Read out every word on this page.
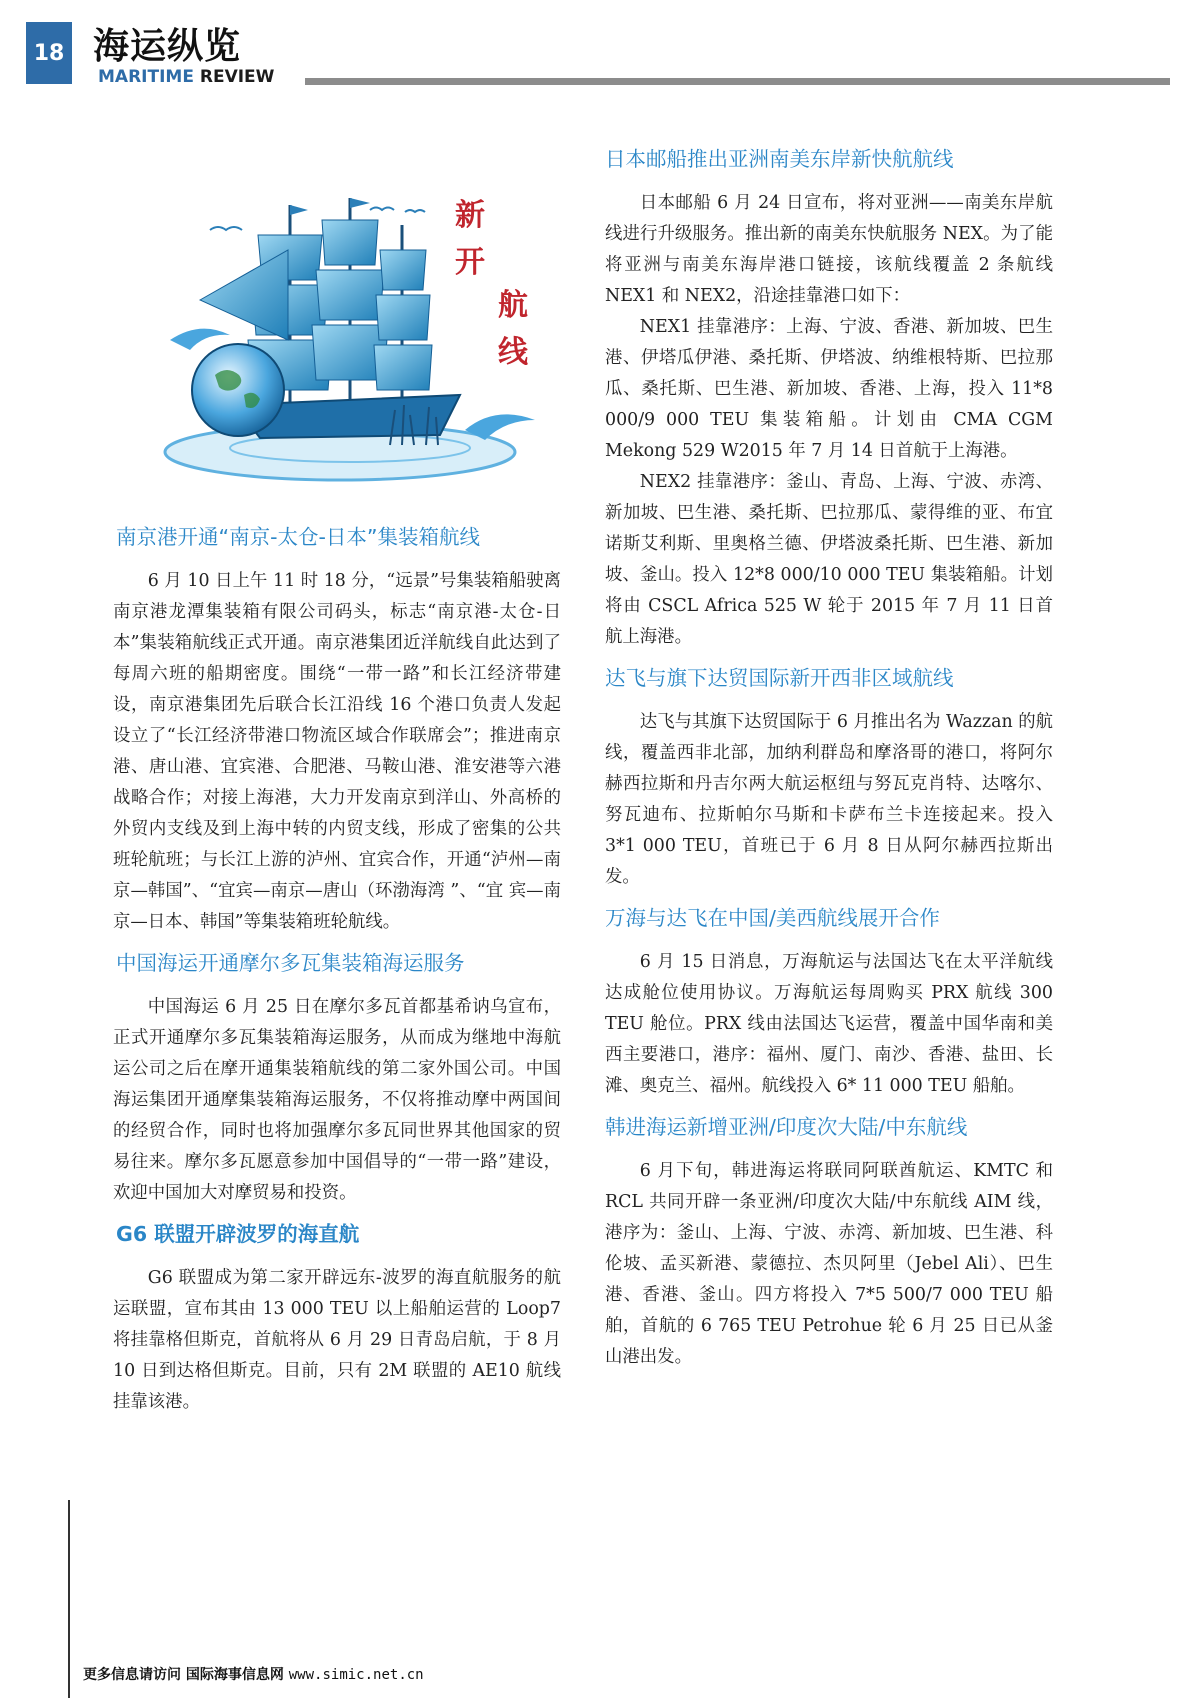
18 海运纵览
MARITIME REVIEW
新
开
航
线
南京港开通“南京-太仓-日本”集装箱航线

6 月 10 日上午 11 时 18 分，“远景”号集装箱船驶离南京港龙潭集装箱有限公司码头，标志“南京港-太仓-日本”集装箱航线正式开通。南京港集团近洋航线自此达到了每周六班的船期密度。围绕“一带一路”和长江经济带建设，南京港集团先后联合长江沿线 16 个港口负责人发起设立了“长江经济带港口物流区域合作联席会”；推进南京港、唐山港、宜宾港、合肥港、马鞍山港、淮安港等六港战略合作；对接上海港，大力开发南京到洋山、外高桥的外贸内支线及到上海中转的内贸支线，形成了密集的公共班轮航班；与长江上游的泸州、宜宾合作，开通“泸州—南京—韩国”、“宜宾—南京—唐山（环渤海湾 ”、“宜 宾—南京—日本、韩国”等集装箱班轮航线。

中国海运开通摩尔多瓦集装箱海运服务

中国海运 6 月 25 日在摩尔多瓦首都基希讷乌宣布，正式开通摩尔多瓦集装箱海运服务，从而成为继地中海航运公司之后在摩开通集装箱航线的第二家外国公司。中国海运集团开通摩集装箱海运服务，不仅将推动摩中两国间的经贸合作，同时也将加强摩尔多瓦同世界其他国家的贸易往来。摩尔多瓦愿意参加中国倡导的“一带一路”建设，欢迎中国加大对摩贸易和投资。

G6 联盟开辟波罗的海直航

G6 联盟成为第二家开辟远东-波罗的海直航服务的航运联盟，宣布其由 13 000 TEU 以上船舶运营的 Loop7 将挂靠格但斯克，首航将从 6 月 29 日青岛启航，于 8 月 10 日到达格但斯克。目前，只有 2M 联盟的 AE10 航线挂靠该港。

日本邮船推出亚洲南美东岸新快航航线

日本邮船 6 月 24 日宣布，将对亚洲——南美东岸航线进行升级服务。推出新的南美东快航服务 NEX。为了能将亚洲与南美东海岸港口链接，该航线覆盖 2 条航线 NEX1 和 NEX2，沿途挂靠港口如下：

NEX1 挂靠港序：上海、宁波、香港、新加坡、巴生港、伊塔瓜伊港、桑托斯、伊塔波、纳维根特斯、巴拉那瓜、桑托斯、巴生港、新加坡、香港、上海，投入 11*8 000/9 000 TEU 集装箱船。计划由 CMA CGM Mekong 529 W2015 年 7 月 14 日首航于上海港。

NEX2 挂靠港序：釜山、青岛、上海、宁波、赤湾、新加坡、巴生港、桑托斯、巴拉那瓜、蒙得维的亚、布宜诺斯艾利斯、里奥格兰德、伊塔波桑托斯、巴生港、新加坡、釜山。投入 12*8 000/10 000 TEU 集装箱船。计划将由 CSCL Africa 525 W 轮于 2015 年 7 月 11 日首航上海港。

达飞与旗下达贸国际新开西非区域航线

达飞与其旗下达贸国际于 6 月推出名为 Wazzan 的航线，覆盖西非北部，加纳利群岛和摩洛哥的港口，将阿尔赫西拉斯和丹吉尔两大航运枢纽与努瓦克肖特、达喀尔、努瓦迪布、拉斯帕尔马斯和卡萨布兰卡连接起来。投入 3*1 000 TEU，首班已于 6 月 8 日从阿尔赫西拉斯出发。

万海与达飞在中国/美西航线展开合作

6 月 15 日消息，万海航运与法国达飞在太平洋航线达成舱位使用协议。万海航运每周购买 PRX 航线 300 TEU 舱位。PRX 线由法国达飞运营，覆盖中国华南和美西主要港口，港序：福州、厦门、南沙、香港、盐田、长滩、奥克兰、福州。航线投入 6* 11 000 TEU 船舶。

韩进海运新增亚洲/印度次大陆/中东航线

6 月下旬，韩进海运将联同阿联酋航运、KMTC 和 RCL 共同开辟一条亚洲/印度次大陆/中东航线 AIM 线，港序为：釜山、上海、宁波、赤湾、新加坡、巴生港、科伦坡、孟买新港、蒙德拉、杰贝阿里（Jebel Ali）、巴生港、香港、釜山。四方将投入 7*5 500/7 000 TEU 船舶，首航的 6 765 TEU Petrohue 轮 6 月 25 日已从釜山港出发。

更多信息请访问 国际海事信息网 www.simic.net.cn
